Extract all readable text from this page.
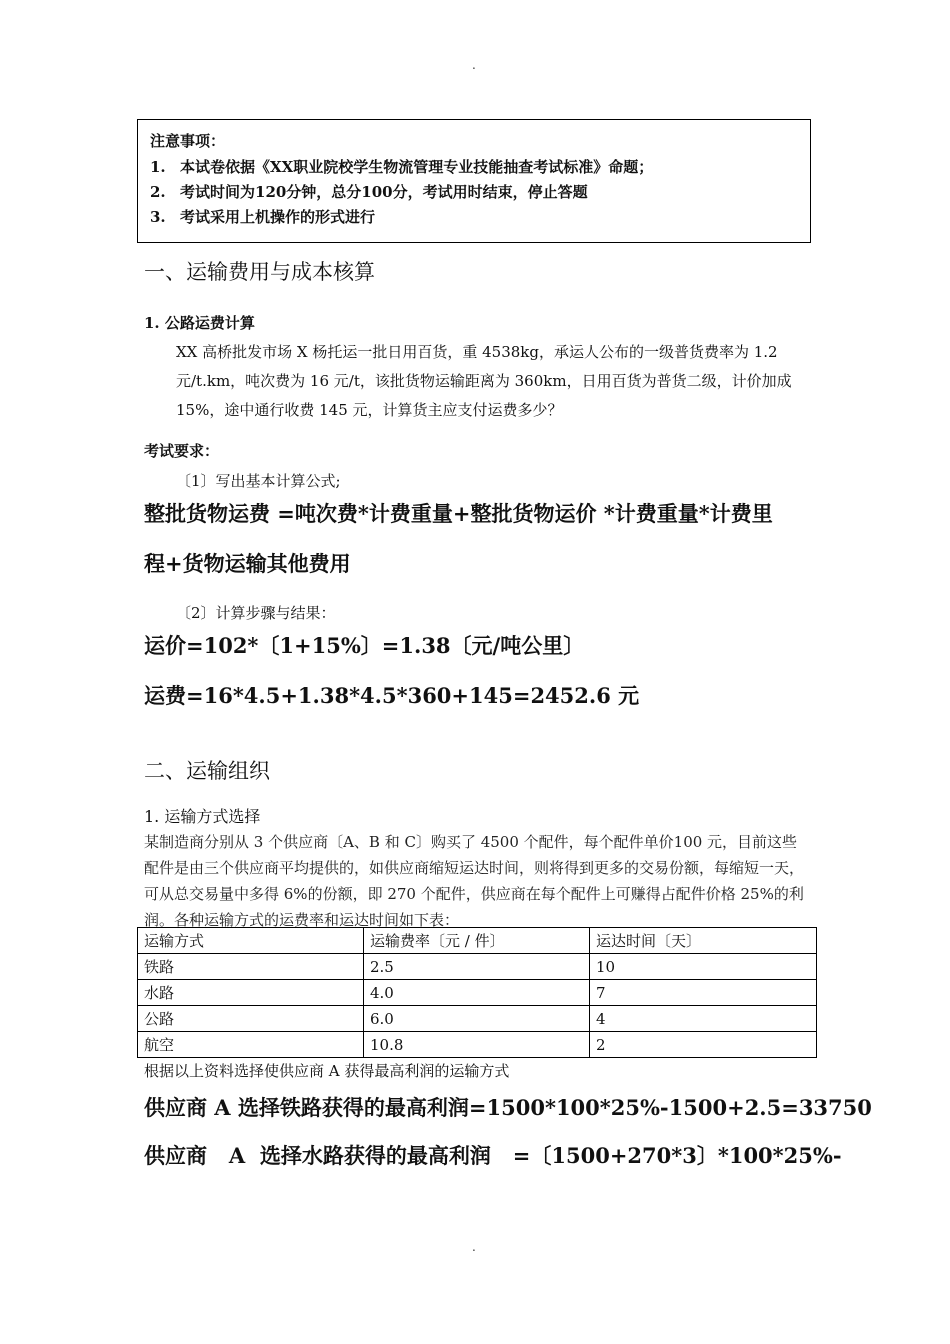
.
注意事项：
1. 本试卷依据《XX职业院校学生物流管理专业技能抽查考试标准》命题；
2. 考试时间为120分钟，总分100分，考试用时结束，停止答题
3. 考试采用上机操作的形式进行
一、运输费用与成本核算
1. 公路运费计算
XX 高桥批发市场 X 杨托运一批日用百货，重 4538kg，承运人公布的一级普货费率为 1.2 元/t.km，吨次费为 16 元/t，该批货物运输距离为 360km，日用百货为普货二级，计价加成 15%，途中通行收费 145 元，计算货主应支付运费多少？
考试要求：
〔1〕写出基本计算公式;
整批货物运费 =吨次费*计费重量+整批货物运价 *计费重量*计费里
程+货物运输其他费用
〔2〕计算步骤与结果：
运价=102*〔1+15%〕=1.38〔元/吨公里〕
运费=16*4.5+1.38*4.5*360+145=2452.6 元
二、运输组织
1. 运输方式选择
某制造商分别从 3 个供应商〔A、B 和 C〕购买了 4500 个配件，每个配件单价100 元，目前这些配件是由三个供应商平均提供的，如供应商缩短运达时间，则将得到更多的交易份额，每缩短一天，可从总交易量中多得 6%的份额，即 270 个配件，供应商在每个配件上可赚得占配件价格 25%的利润。各种运输方式的运费率和运达时间如下表：
运输方式	运输费率〔元 / 件〕	运达时间〔天〕
铁路	2.5	10
水路	4.0	7
公路	6.0	4
航空	10.8	2
根据以上资料选择使供应商 A 获得最高利润的运输方式
供应商 A 选择铁路获得的最高利润=1500*100*25%-1500+2.5=33750
供应商   A  选择水路获得的最高利润   =〔1500+270*3〕*100*25%-
.
